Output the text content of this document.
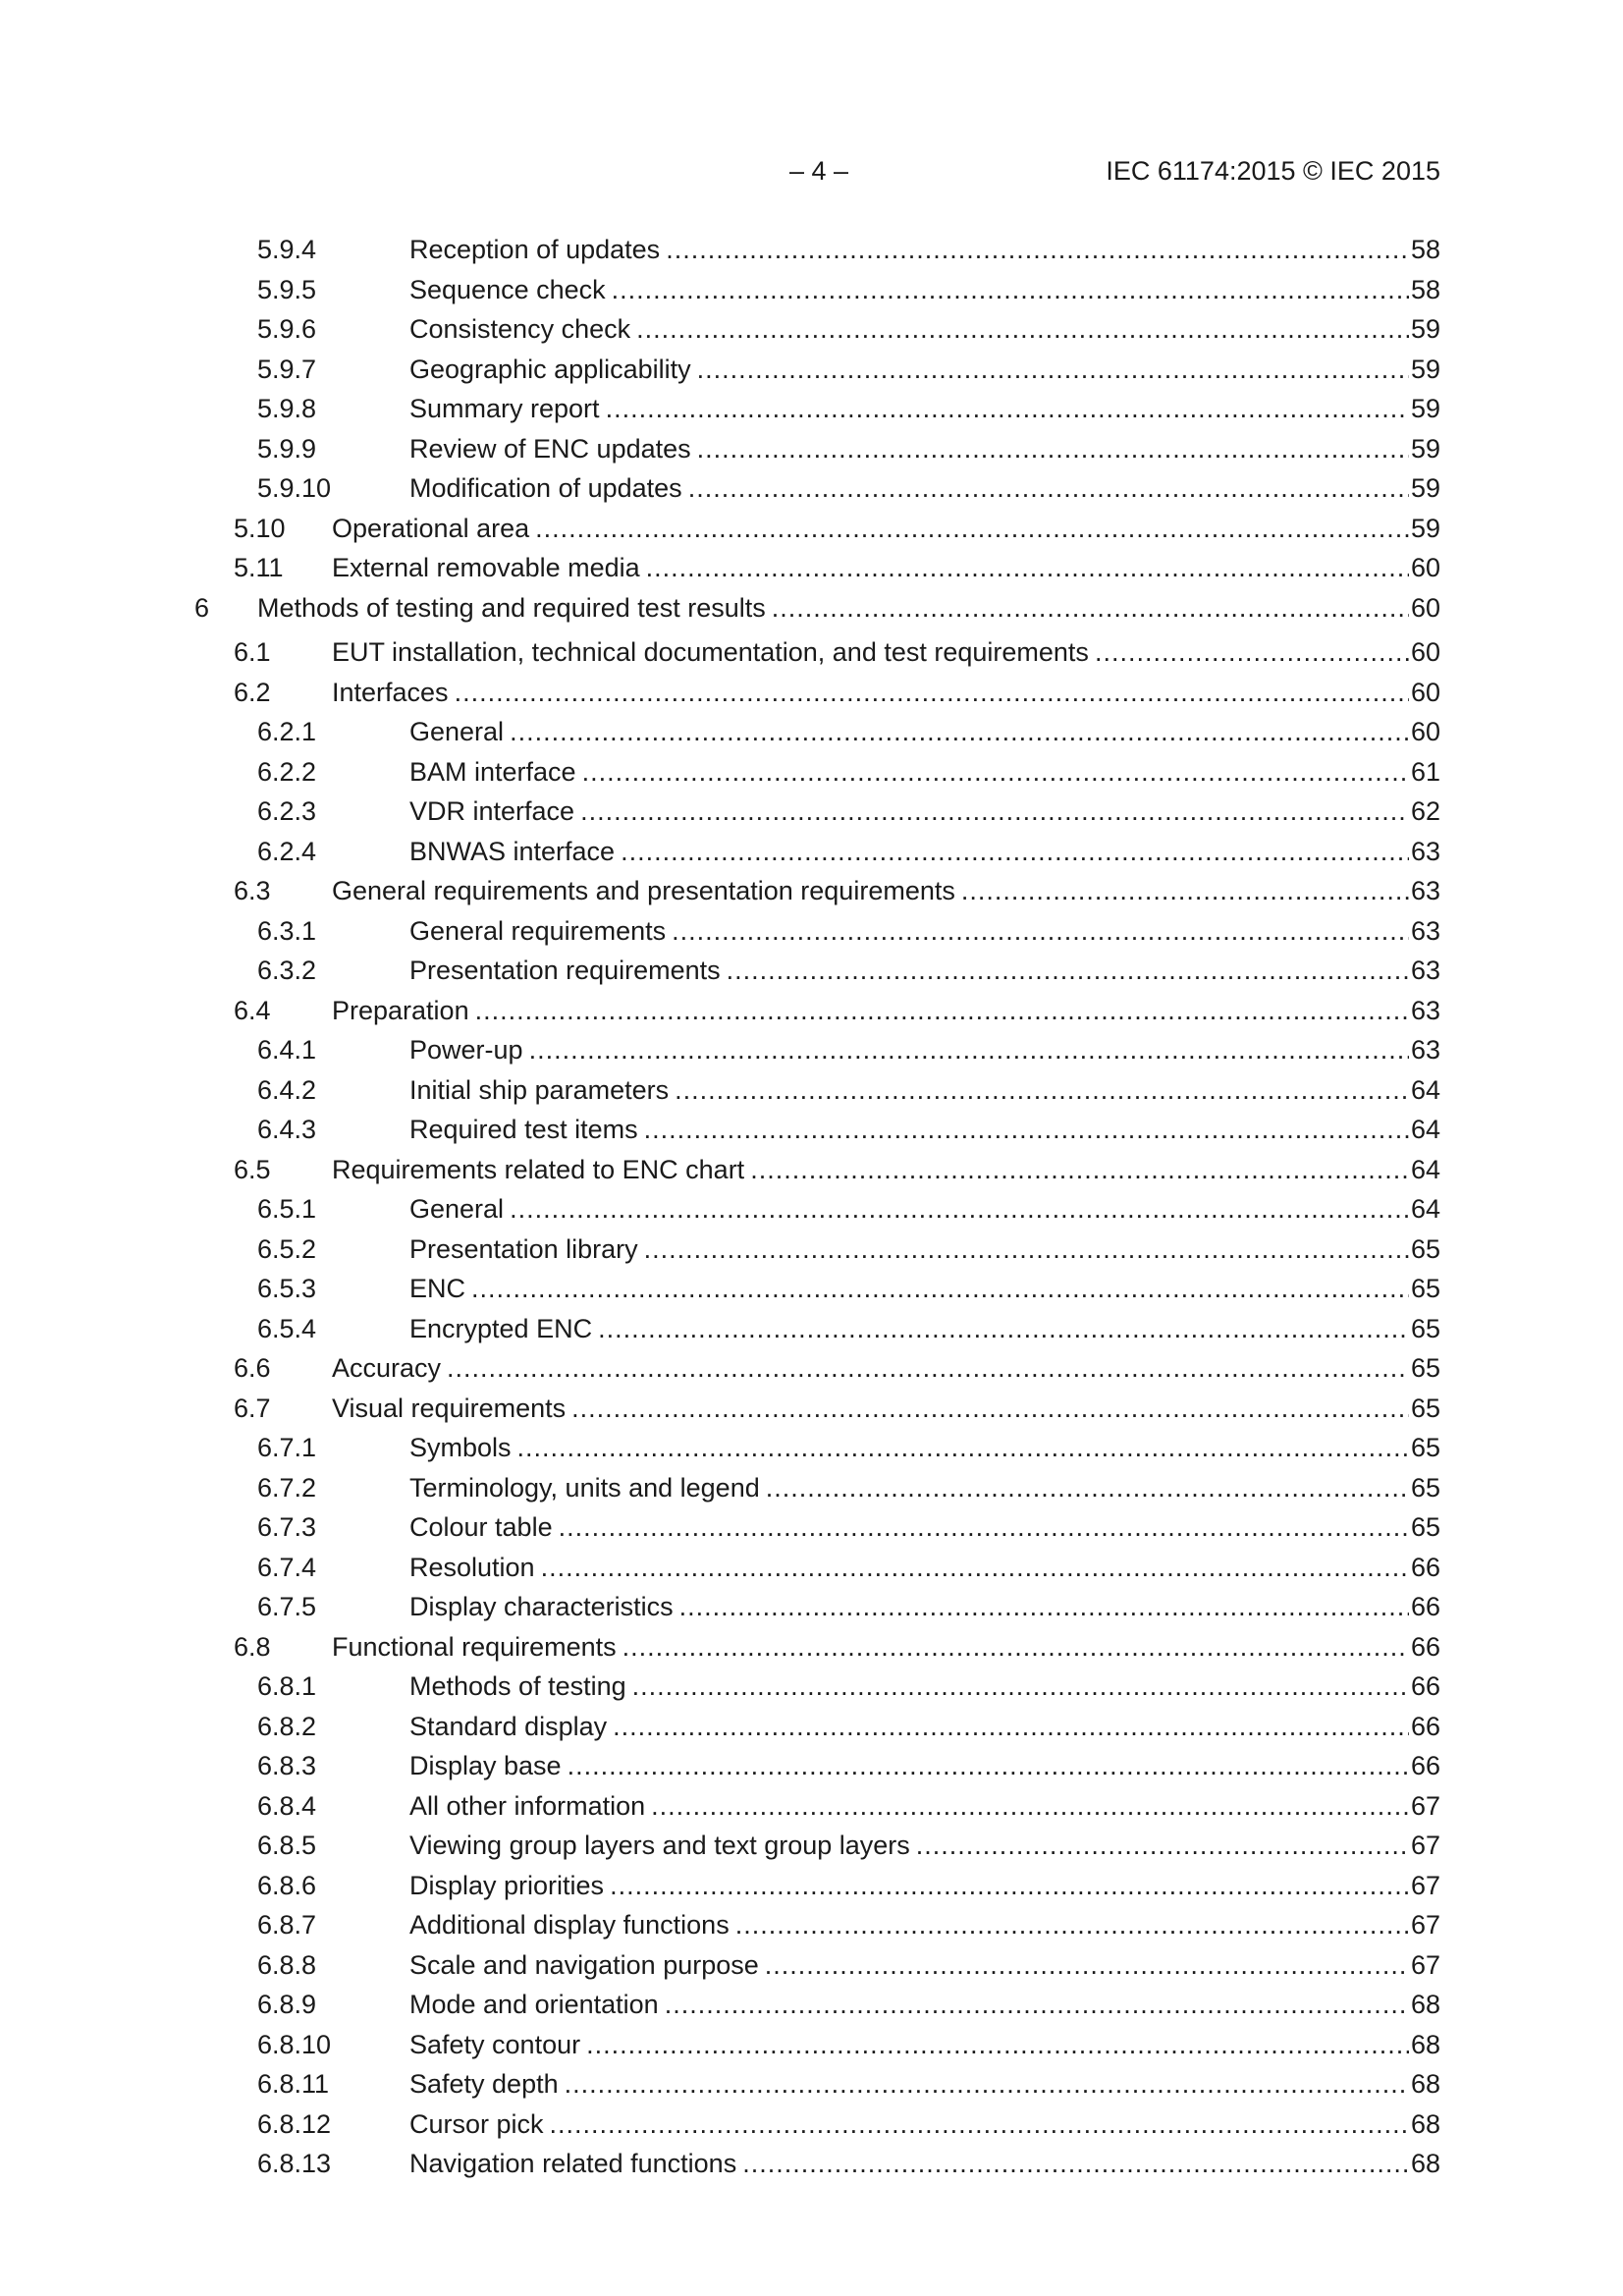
– 4 –	IEC 61174:2015 © IEC 2015
5.9.4	Reception of updates .....	58
5.9.5	Sequence check .....	58
5.9.6	Consistency check .....	59
5.9.7	Geographic applicability .....	59
5.9.8	Summary report .....	59
5.9.9	Review of ENC updates .....	59
5.9.10	Modification of updates .....	59
5.10 Operational area .....	59
5.11 External removable media .....	60
6 Methods of testing and required test results .....	60
6.1 EUT installation, technical documentation, and test requirements .....	60
6.2 Interfaces .....	60
6.2.1	General .....	60
6.2.2	BAM interface .....	61
6.2.3	VDR interface .....	62
6.2.4	BNWAS interface .....	63
6.3 General requirements and presentation requirements .....	63
6.3.1	General requirements .....	63
6.3.2	Presentation requirements .....	63
6.4 Preparation .....	63
6.4.1	Power-up .....	63
6.4.2	Initial ship parameters .....	64
6.4.3	Required test items .....	64
6.5 Requirements related to ENC chart .....	64
6.5.1	General .....	64
6.5.2	Presentation library .....	65
6.5.3	ENC .....	65
6.5.4	Encrypted ENC .....	65
6.6 Accuracy .....	65
6.7 Visual requirements .....	65
6.7.1	Symbols .....	65
6.7.2	Terminology, units and legend .....	65
6.7.3	Colour table .....	65
6.7.4	Resolution .....	66
6.7.5	Display characteristics .....	66
6.8 Functional requirements .....	66
6.8.1	Methods of testing .....	66
6.8.2	Standard display .....	66
6.8.3	Display base .....	66
6.8.4	All other information .....	67
6.8.5	Viewing group layers and text group layers .....	67
6.8.6	Display priorities .....	67
6.8.7	Additional display functions .....	67
6.8.8	Scale and navigation purpose .....	67
6.8.9	Mode and orientation .....	68
6.8.10	Safety contour .....	68
6.8.11	Safety depth .....	68
6.8.12	Cursor pick .....	68
6.8.13	Navigation related functions .....	68
